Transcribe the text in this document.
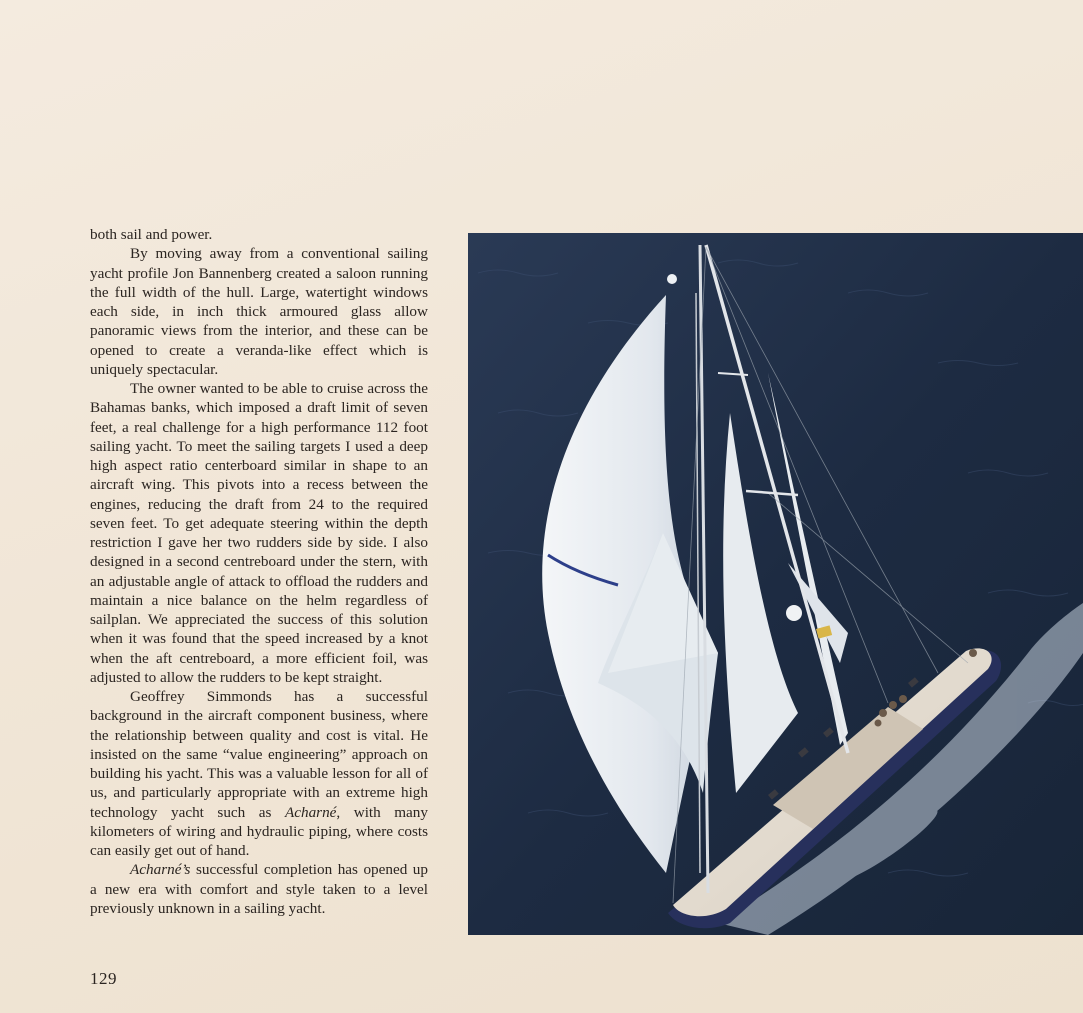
both sail and power.

By moving away from a conventional sailing yacht profile Jon Bannenberg created a saloon running the full width of the hull. Large, watertight windows each side, in inch thick armoured glass allow panoramic views from the interior, and these can be opened to create a veranda-like effect which is uniquely spectacular.

The owner wanted to be able to cruise across the Bahamas banks, which imposed a draft limit of seven feet, a real challenge for a high performance 112 foot sailing yacht. To meet the sailing targets I used a deep high aspect ratio centerboard similar in shape to an aircraft wing. This pivots into a recess between the engines, reducing the draft from 24 to the required seven feet. To get adequate steering within the depth restriction I gave her two rudders side by side. I also designed in a second centreboard under the stern, with an adjustable angle of attack to offload the rudders and maintain a nice balance on the helm regardless of sailplan. We appreciated the success of this solution when it was found that the speed increased by a knot when the aft centreboard, a more efficient foil, was adjusted to allow the rudders to be kept straight.

Geoffrey Simmonds has a successful background in the aircraft component business, where the relationship between quality and cost is vital. He insisted on the same “value engineering” approach on building his yacht. This was a valuable lesson for all of us, and particularly appropriate with an extreme high technology yacht such as Acharné, with many kilometers of wiring and hydraulic piping, where costs can easily get out of hand.

Acharné’s successful completion has opened up a new era with comfort and style taken to a level previously unknown in a sailing yacht.

129
